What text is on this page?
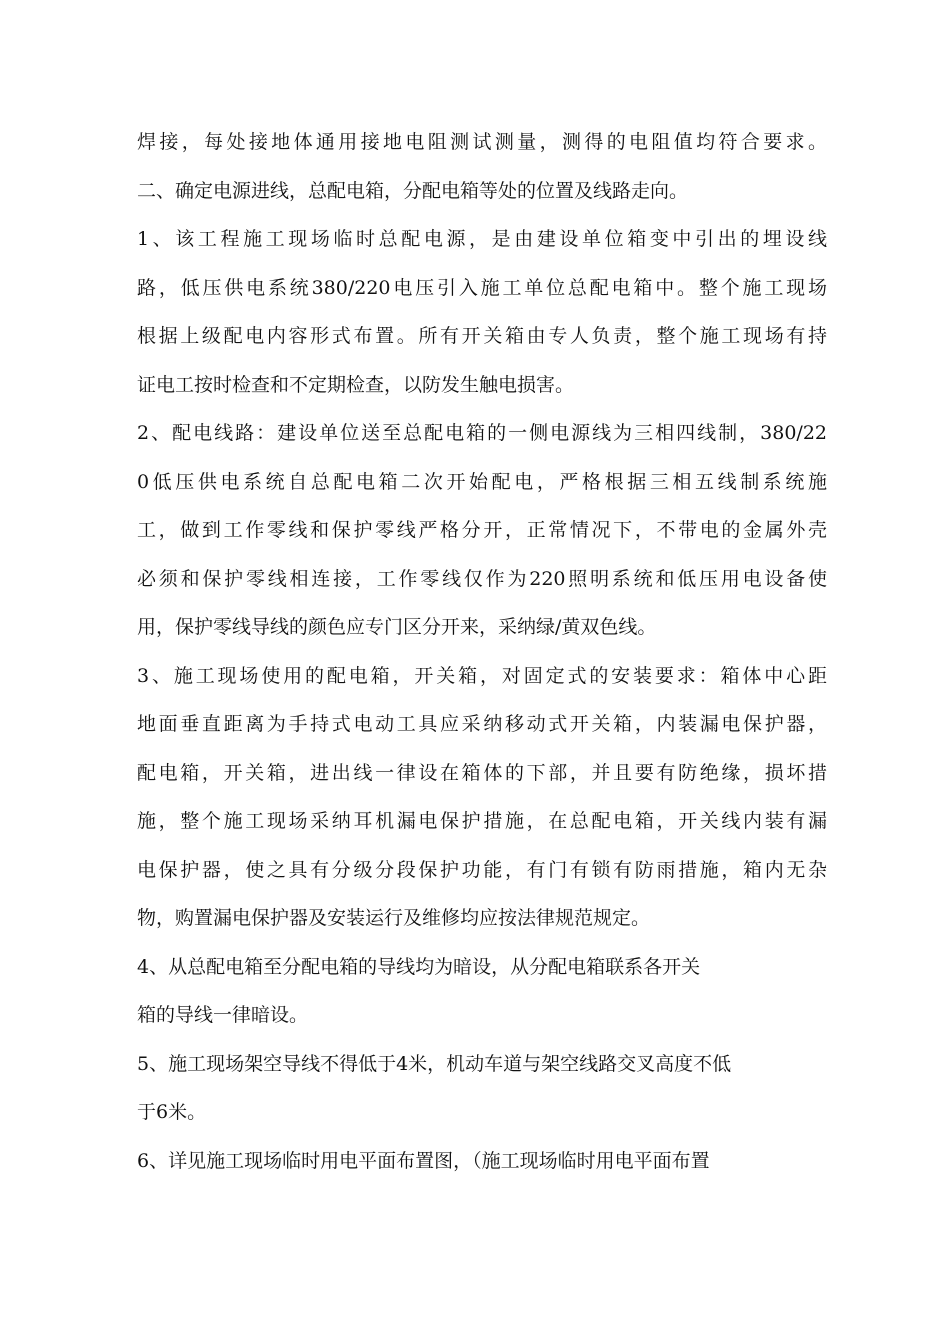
焊接，每处接地体通用接地电阻测试测量，测得的电阻值均符合要求。
二、确定电源进线，总配电箱，分配电箱等处的位置及线路走向。
1、该工程施工现场临时总配电源，是由建设单位箱变中引出的埋设线
路，低压供电系统380/220电压引入施工单位总配电箱中。整个施工现场
根据上级配电内容形式布置。所有开关箱由专人负责，整个施工现场有持
证电工按时检查和不定期检查，以防发生触电损害。
2、配电线路：建设单位送至总配电箱的一侧电源线为三相四线制，380/22
0低压供电系统自总配电箱二次开始配电，严格根据三相五线制系统施
工，做到工作零线和保护零线严格分开，正常情况下，不带电的金属外壳
必须和保护零线相连接，工作零线仅作为220照明系统和低压用电设备使
用，保护零线导线的颜色应专门区分开来，采纳绿/黄双色线。
3、施工现场使用的配电箱，开关箱，对固定式的安装要求：箱体中心距
地面垂直距离为手持式电动工具应采纳移动式开关箱，内装漏电保护器，
配电箱，开关箱，进出线一律设在箱体的下部，并且要有防绝缘，损坏措
施，整个施工现场采纳耳机漏电保护措施，在总配电箱，开关线内装有漏
电保护器，使之具有分级分段保护功能，有门有锁有防雨措施，箱内无杂
物，购置漏电保护器及安装运行及维修均应按法律规范规定。
4、从总配电箱至分配电箱的导线均为暗设，从分配电箱联系各开关
箱的导线一律暗设。
5、施工现场架空导线不得低于4米，机动车道与架空线路交叉高度不低
于6米。
6、详见施工现场临时用电平面布置图，（施工现场临时用电平面布置
